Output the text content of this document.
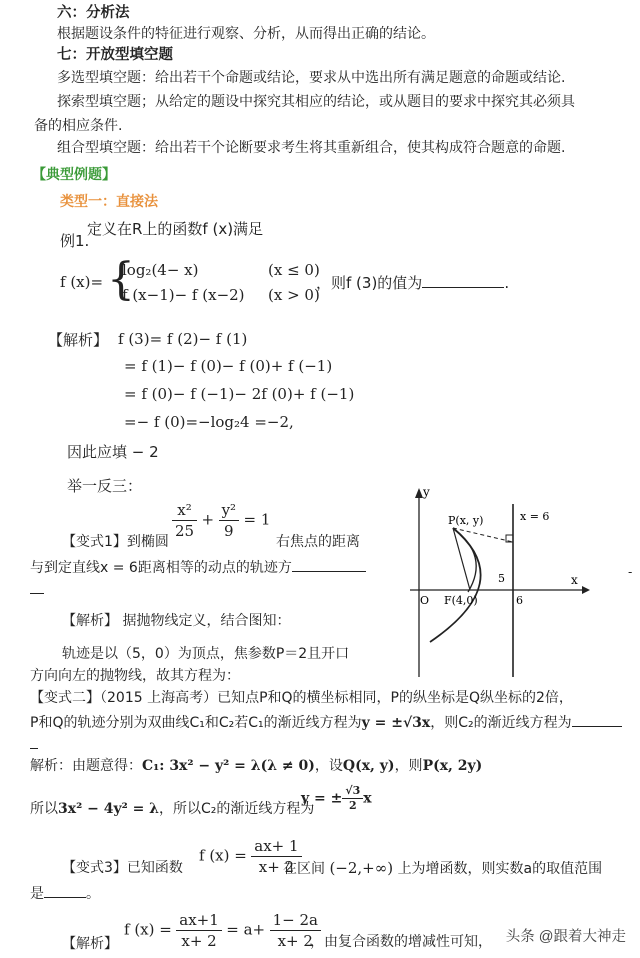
六：分析法
根据题设条件的特征进行观察、分析，从而得出正确的结论。
七：开放型填空题
多选型填空题：给出若干个命题或结论，要求从中选出所有满足题意的命题或结论.
探索型填空题；从给定的题设中探究其相应的结论，或从题目的要求中探究其必须具
备的相应条件.
组合型填空题：给出若干个论断要求考生将其重新组合，使其构成符合题意的命题.
【典型例题】
类型一：直接法
定义在R上的函数f (x)满足
例1.
f (x)= {
log₂(4− x)	(x ≤ 0)
f (x−1)− f (x−2) (x > 0)
，则f (3)的值为	.
【解析】 f (3)= f (2)− f (1)
= f (1)− f (0)− f (0)+ f (−1)
= f (0)− f (−1)− 2f (0)+ f (−1)
=− f (0)=−log₂4 =−2,
因此应填 − 2
举一反三：
$\frac{\text{x²}}{25} + \frac{\text{y²}}{9} = 1$
【变式1】到椭圆	右焦点的距离
与到定直线x = 6距离相等的动点的轨迹方
【解析】 据抛物线定义，结合图知：
轨迹是以（5，0）为顶点，焦参数P＝2且开口
方向向左的抛物线，故其方程为：
y
x
P(x, y)	x = 6
O F(4,0)
5
6
-
【变式二】（2015 上海高考）已知点P和Q的横坐标相同，P的纵坐标是Q纵坐标的2倍，
P和Q的轨迹分别为双曲线C₁和C₂若C₁的渐近线方程为y = ±√3x，则C₂的渐近线方程为
解析：由题意得：C₁: 3x² − y² = λ(λ ≠ 0)，设Q(x, y)，则P(x, 2y)
所以3x² − 4y² = λ，所以C₂的渐近线方程为
y = ± $\frac{√3}{2}$ x
【变式3】已知函数
f $(x) = \frac{ax+ 1}{x+ 2}$
在区间 (−2,+∞) 上为增函数，则实数a的取值范围
是	。
【解析】
f $(x) = \frac{ax+1}{x+ 2} = a+ \frac{1- 2a}{x+ 2}$
，由复合函数的增减性可知， 头条 @跟着大神走
